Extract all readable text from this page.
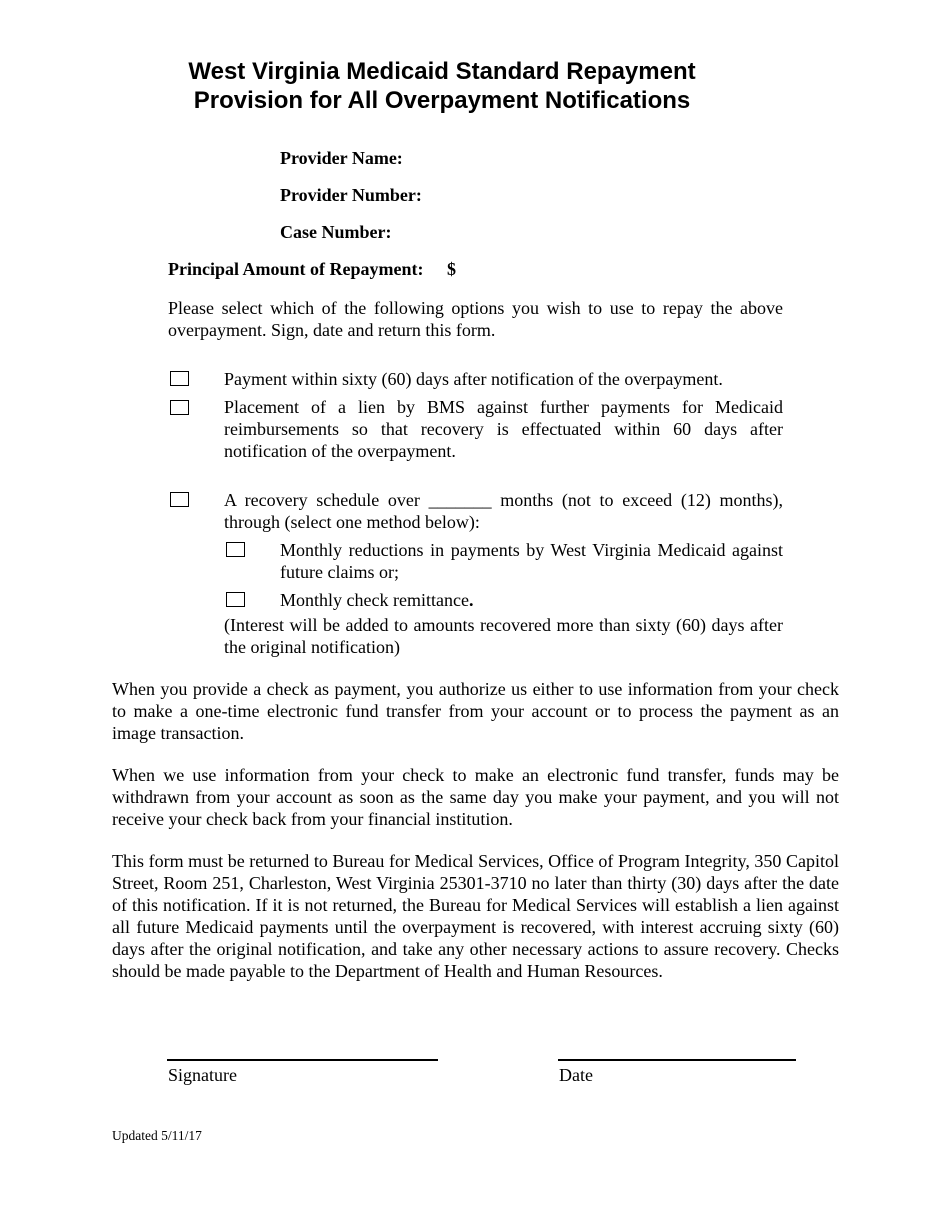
West Virginia Medicaid Standard Repayment
Provision for All Overpayment Notifications
Provider Name:
Provider Number:
Case Number:
Principal Amount of Repayment: $
Please select which of the following options you wish to use to repay the above overpayment. Sign, date and return this form.
Payment within sixty (60) days after notification of the overpayment.
Placement of a lien by BMS against further payments for Medicaid reimbursements so that recovery is effectuated within 60 days after notification of the overpayment.
A recovery schedule over _______ months (not to exceed (12) months), through (select one method below):
Monthly reductions in payments by West Virginia Medicaid against future claims or;
Monthly check remittance.
(Interest will be added to amounts recovered more than sixty (60) days after the original notification)
When you provide a check as payment, you authorize us either to use information from your check to make a one-time electronic fund transfer from your account or to process the payment as an image transaction.
When we use information from your check to make an electronic fund transfer, funds may be withdrawn from your account as soon as the same day you make your payment, and you will not receive your check back from your financial institution.
This form must be returned to Bureau for Medical Services, Office of Program Integrity, 350 Capitol Street, Room 251, Charleston, West Virginia 25301-3710 no later than thirty (30) days after the date of this notification. If it is not returned, the Bureau for Medical Services will establish a lien against all future Medicaid payments until the overpayment is recovered, with interest accruing sixty (60) days after the original notification, and take any other necessary actions to assure recovery. Checks should be made payable to the Department of Health and Human Resources.
Signature	Date
Updated 5/11/17
